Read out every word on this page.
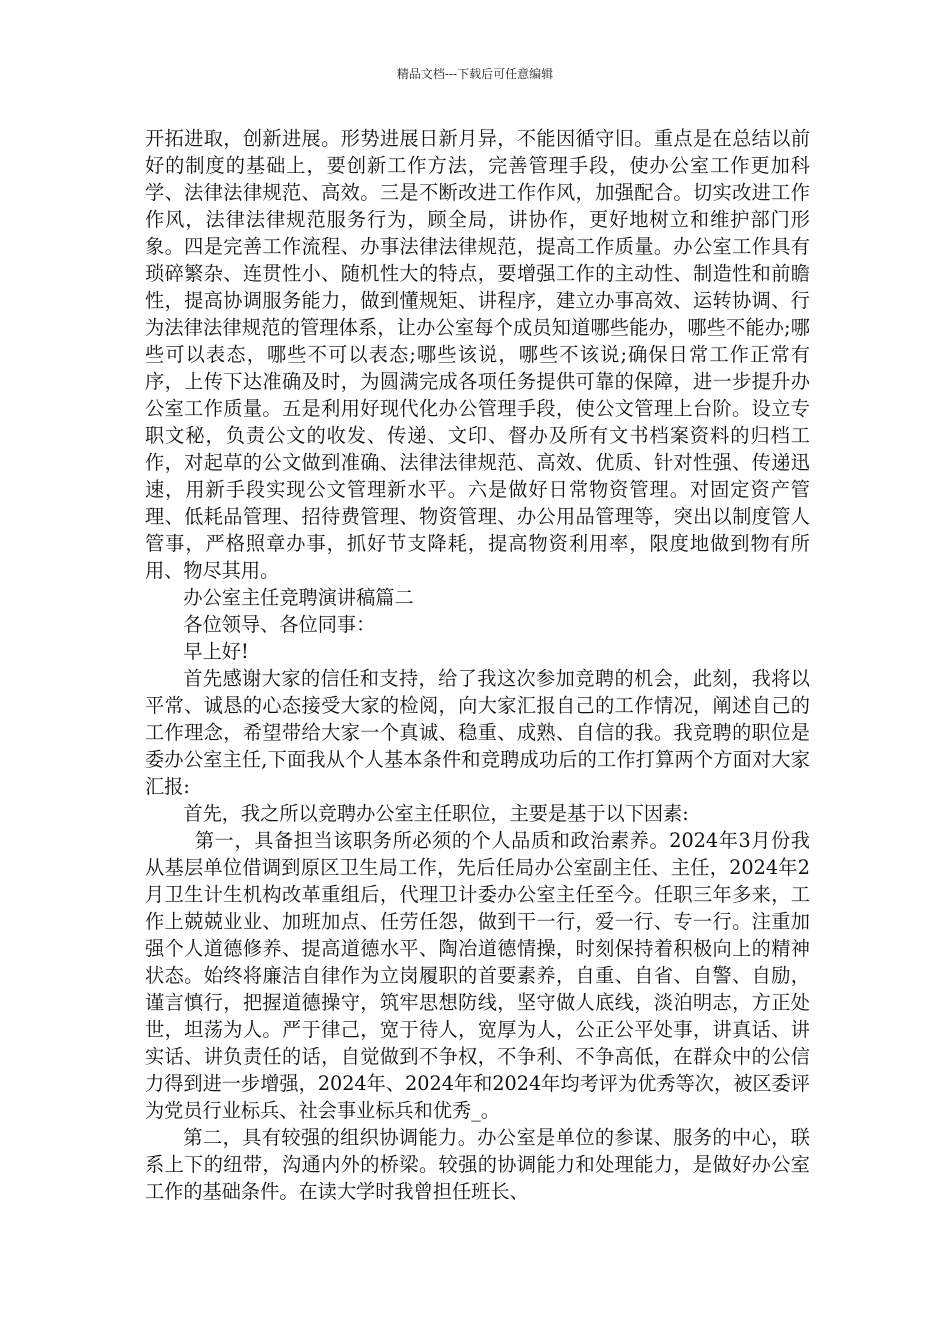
精品文档---下载后可任意编辑

开拓进取，创新进展。形势进展日新月异，不能因循守旧。重点是在总结以前好的制度的基础上，要创新工作方法，完善管理手段，使办公室工作更加科学、法律法律规范、高效。三是不断改进工作作风，加强配合。切实改进工作作风，法律法律规范服务行为，顾全局，讲协作，更好地树立和维护部门形象。四是完善工作流程、办事法律法律规范，提高工作质量。办公室工作具有琐碎繁杂、连贯性小、随机性大的特点，要增强工作的主动性、制造性和前瞻性，提高协调服务能力，做到懂规矩、讲程序，建立办事高效、运转协调、行为法律法律规范的管理体系，让办公室每个成员知道哪些能办，哪些不能办;哪些可以表态，哪些不可以表态;哪些该说，哪些不该说;确保日常工作正常有序，上传下达准确及时，为圆满完成各项任务提供可靠的保障，进一步提升办公室工作质量。五是利用好现代化办公管理手段，使公文管理上台阶。设立专职文秘，负责公文的收发、传递、文印、督办及所有文书档案资料的归档工作，对起草的公文做到准确、法律法律规范、高效、优质、针对性强、传递迅速，用新手段实现公文管理新水平。六是做好日常物资管理。对固定资产管理、低耗品管理、招待费管理、物资管理、办公用品管理等，突出以制度管人管事，严格照章办事，抓好节支降耗，提高物资利用率，限度地做到物有所用、物尽其用。

办公室主任竞聘演讲稿篇二

各位领导、各位同事：

早上好!

首先感谢大家的信任和支持，给了我这次参加竞聘的机会，此刻，我将以平常、诚恳的心态接受大家的检阅，向大家汇报自己的工作情况，阐述自己的工作理念，希望带给大家一个真诚、稳重、成熟、自信的我。我竞聘的职位是委办公室主任,下面我从个人基本条件和竞聘成功后的工作打算两个方面对大家汇报:

首先，我之所以竞聘办公室主任职位，主要是基于以下因素:

第一，具备担当该职务所必须的个人品质和政治素养。2024年3月份我从基层单位借调到原区卫生局工作，先后任局办公室副主任、主任，2024年2月卫生计生机构改革重组后，代理卫计委办公室主任至今。任职三年多来，工作上兢兢业业、加班加点、任劳任怨，做到干一行，爱一行、专一行。注重加强个人道德修养、提高道德水平、陶冶道德情操，时刻保持着积极向上的精神状态。始终将廉洁自律作为立岗履职的首要素养，自重、自省、自警、自励，谨言慎行，把握道德操守，筑牢思想防线，坚守做人底线，淡泊明志，方正处世，坦荡为人。严于律己，宽于待人，宽厚为人，公正公平处事，讲真话、讲实话、讲负责任的话，自觉做到不争权，不争利、不争高低，在群众中的公信力得到进一步增强，2024年、2024年和2024年均考评为优秀等次，被区委评为党员行业标兵、社会事业标兵和优秀_。

第二，具有较强的组织协调能力。办公室是单位的参谋、服务的中心，联系上下的纽带，沟通内外的桥梁。较强的协调能力和处理能力，是做好办公室工作的基础条件。在读大学时我曾担任班长、
